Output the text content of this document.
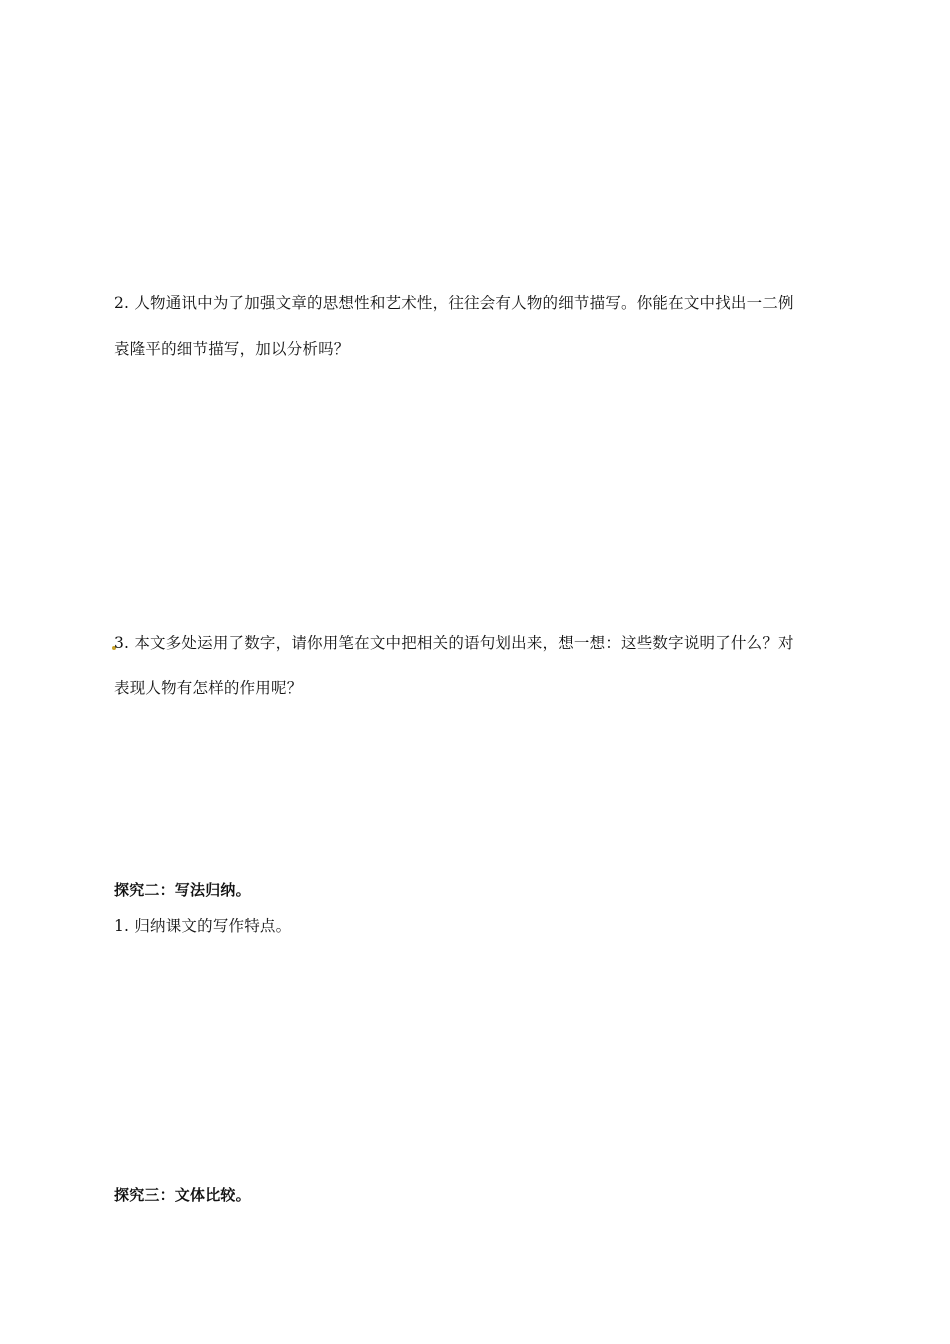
2. 人物通讯中为了加强文章的思想性和艺术性，往往会有人物的细节描写。你能在文中找出一二例
袁隆平的细节描写，加以分析吗？
3. 本文多处运用了数字，请你用笔在文中把相关的语句划出来，想一想：这些数字说明了什么？对
表现人物有怎样的作用呢？
探究二：写法归纳。
1. 归纳课文的写作特点。
探究三：文体比较。
